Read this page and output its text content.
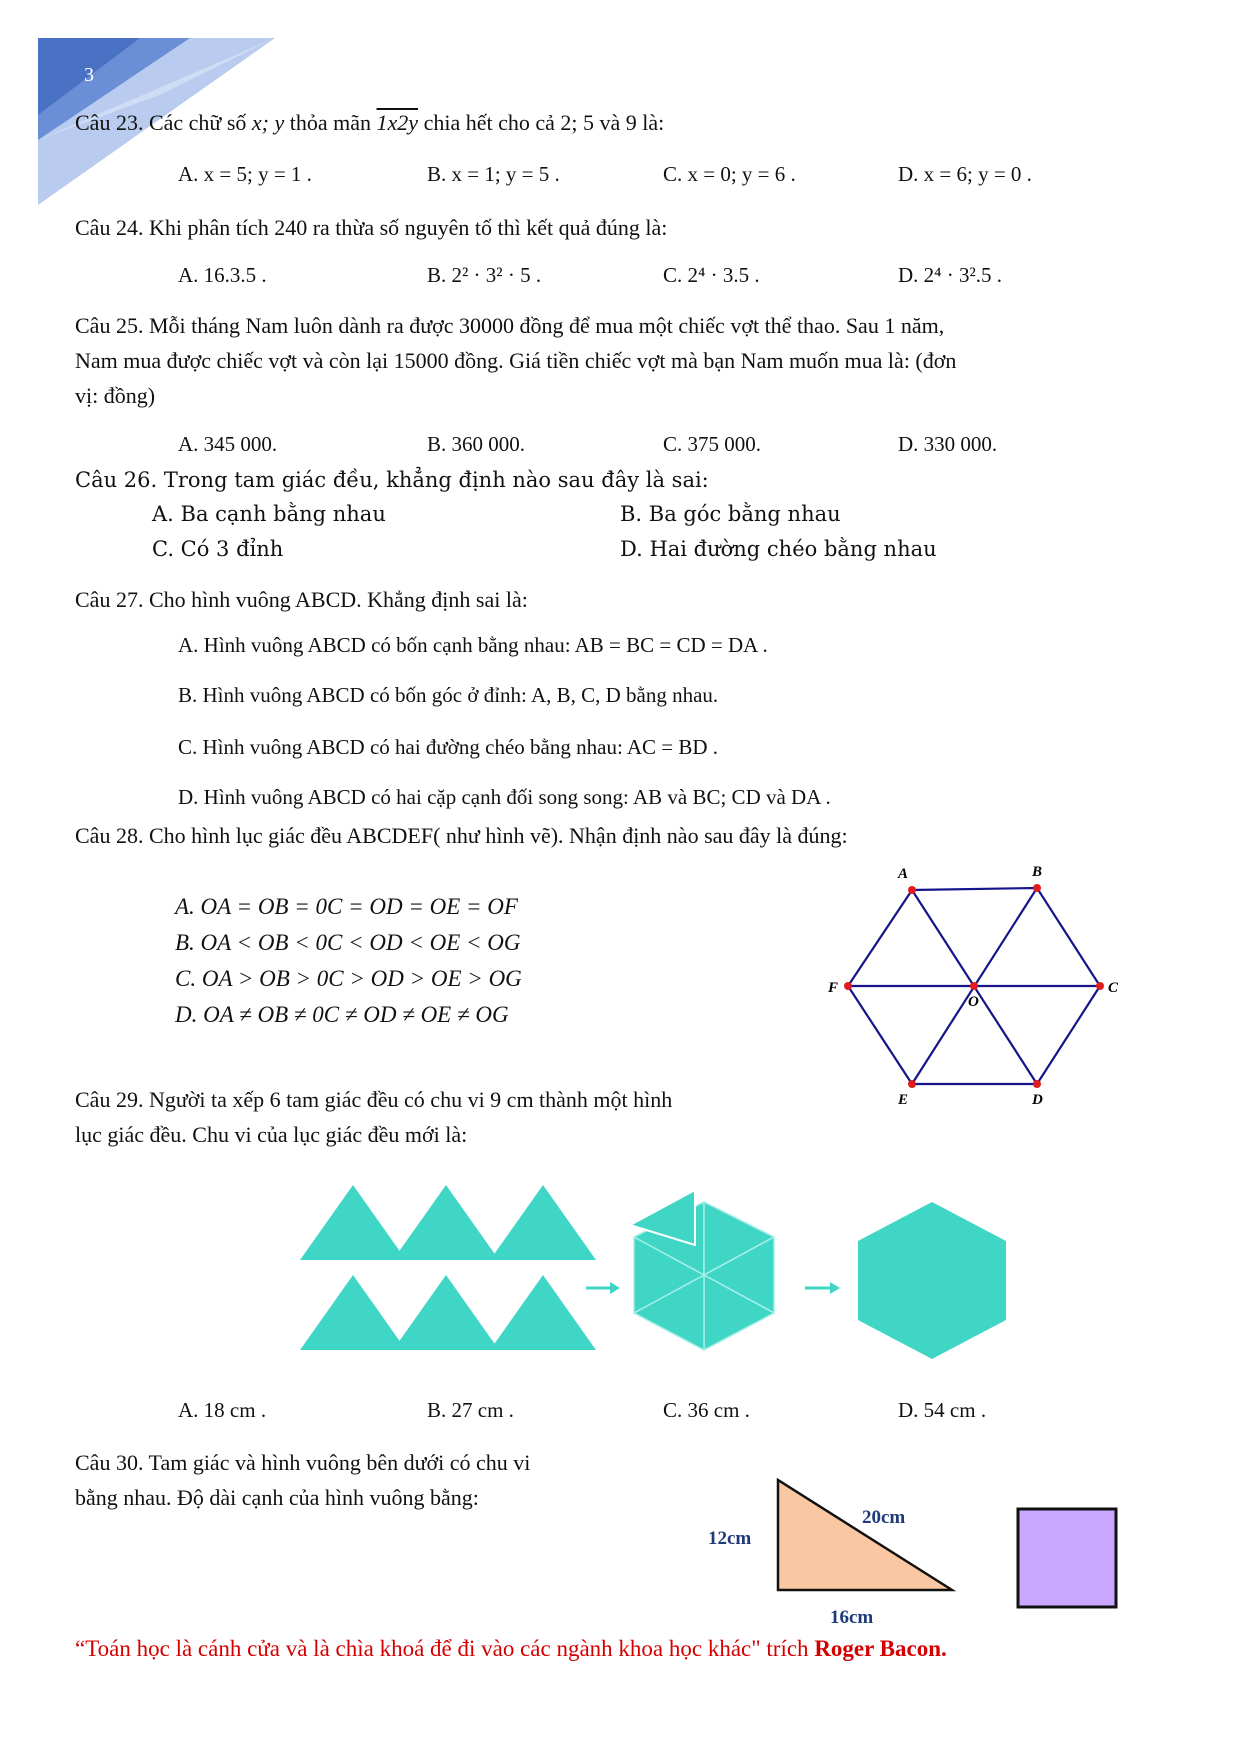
3
Câu 23. Các chữ số x; y thỏa mãn 1x2y chia hết cho cả 2; 5 và 9 là:
A. x = 5; y = 1 .	B. x = 1; y = 5 .	C. x = 0; y = 6 .	D. x = 6; y = 0 .
Câu 24. Khi phân tích 240 ra thừa số nguyên tố thì kết quả đúng là:
A. 16.3.5 .	B. 2² · 3² · 5 .	C. 2⁴ · 3.5 .	D. 2⁴ · 3².5 .
Câu 25. Mỗi tháng Nam luôn dành ra được 30000 đồng để mua một chiếc vợt thể thao. Sau 1 năm,
Nam mua được chiếc vợt và còn lại 15000 đồng. Giá tiền chiếc vợt mà bạn Nam muốn mua là: (đơn
vị: đồng)
A. 345 000.	B. 360 000.	C. 375 000.	D. 330 000.
Câu 26. Trong tam giác đều, khẳng định nào sau đây là sai:
A. Ba cạnh bằng nhau	B. Ba góc bằng nhau
C. Có 3 đỉnh	D. Hai đường chéo bằng nhau
Câu 27. Cho hình vuông ABCD. Khẳng định sai là:
A. Hình vuông ABCD có bốn cạnh bằng nhau: AB = BC = CD = DA .
B. Hình vuông ABCD có bốn góc ở đỉnh: A, B, C, D bằng nhau.
C. Hình vuông ABCD có hai đường chéo bằng nhau: AC = BD .
D. Hình vuông ABCD có hai cặp cạnh đối song song: AB và BC; CD và DA .
Câu 28. Cho hình lục giác đều ABCDEF( như hình vẽ). Nhận định nào sau đây là đúng:
A. OA = OB = 0C = OD = OE = OF
B. OA < OB < 0C < OD < OE < OG
C. OA > OB > 0C > OD > OE > OG
D. OA ≠ OB ≠ 0C ≠ OD ≠ OE ≠ OG
A	B
C
D
E
F
O
Câu 29. Người ta xếp 6 tam giác đều có chu vi 9 cm thành một hình
lục giác đều. Chu vi của lục giác đều mới là:
A. 18 cm .	B. 27 cm .	C. 36 cm .	D. 54 cm .
Câu 30. Tam giác và hình vuông bên dưới có chu vi
bằng nhau. Độ dài cạnh của hình vuông bằng:
12cm
20cm
16cm
“Toán học là cánh cửa và là chìa khoá để đi vào các ngành khoa học khác" trích Roger Bacon.
